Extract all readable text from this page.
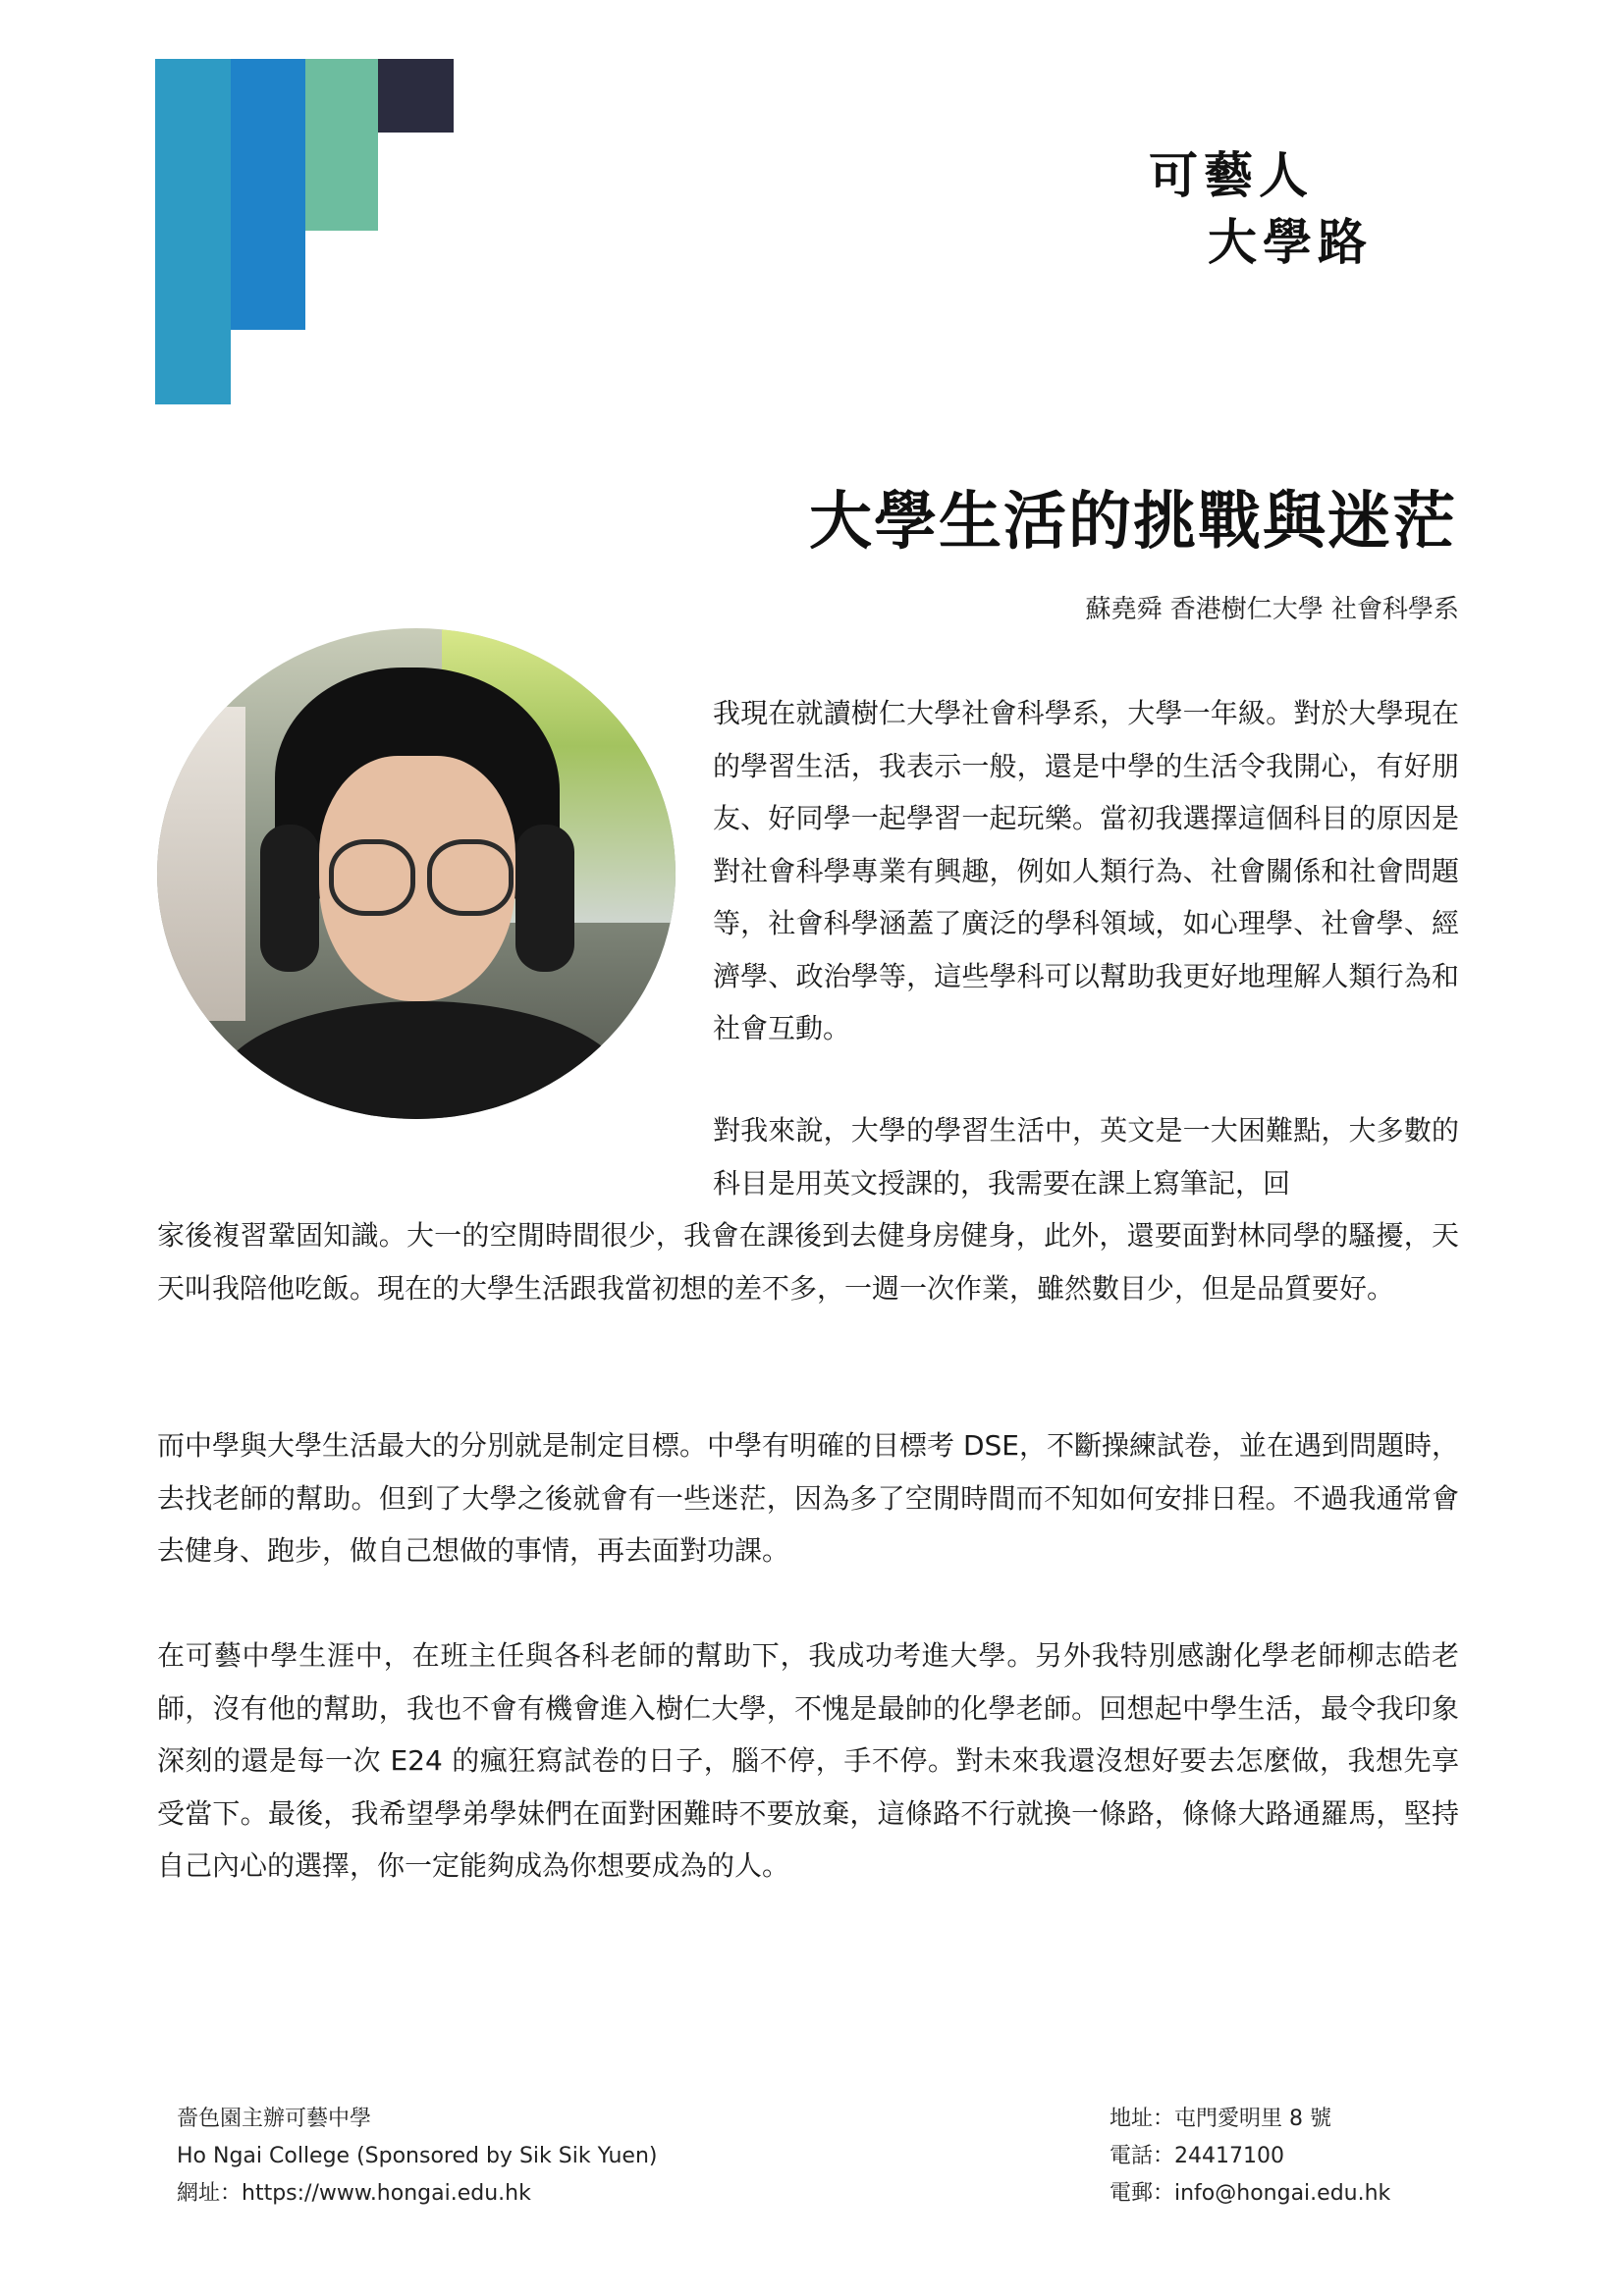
可藝人
大學路
大學生活的挑戰與迷茫
蘇堯舜 香港樹仁大學 社會科學系

我現在就讀樹仁大學社會科學系，大學一年級。對於大學現在的學習生活，我表示一般，還是中學的生活令我開心，有好朋友、好同學一起學習一起玩樂。當初我選擇這個科目的原因是對社會科學專業有興趣，例如人類行為、社會關係和社會問題等，社會科學涵蓋了廣泛的學科領域，如心理學、社會學、經濟學、政治學等，這些學科可以幫助我更好地理解人類行為和社會互動。

對我來說，大學的學習生活中，英文是一大困難點，大多數的科目是用英文授課的，我需要在課上寫筆記，回

家後複習鞏固知識。大一的空閒時間很少，我會在課後到去健身房健身，此外，還要面對林同學的騷擾，天天叫我陪他吃飯。現在的大學生活跟我當初想的差不多，一週一次作業，雖然數目少，但是品質要好。

而中學與大學生活最大的分別就是制定目標。中學有明確的目標考 DSE，不斷操練試卷，並在遇到問題時，去找老師的幫助。但到了大學之後就會有一些迷茫，因為多了空閒時間而不知如何安排日程。不過我通常會去健身、跑步，做自己想做的事情，再去面對功課。

在可藝中學生涯中，在班主任與各科老師的幫助下，我成功考進大學。另外我特別感謝化學老師柳志皓老師，沒有他的幫助，我也不會有機會進入樹仁大學，不愧是最帥的化學老師。回想起中學生活，最令我印象深刻的還是每一次 E24 的瘋狂寫試卷的日子，腦不停，手不停。對未來我還沒想好要去怎麼做，我想先享受當下。最後，我希望學弟學妹們在面對困難時不要放棄，這條路不行就換一條路，條條大路通羅馬，堅持自己內心的選擇，你一定能夠成為你想要成為的人。

嗇色園主辦可藝中學
Ho Ngai College (Sponsored by Sik Sik Yuen)
網址：https://www.hongai.edu.hk
地址：屯門愛明里 8 號
電話：24417100
電郵：info@hongai.edu.hk
